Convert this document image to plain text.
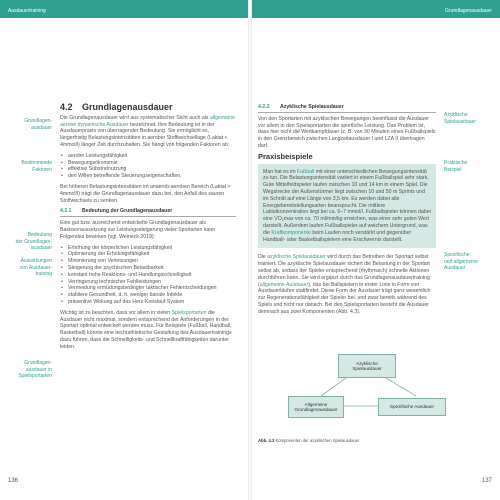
Ausdauertraining	Grundlagenausdauer
Grundlagen-
ausdauer
Bestimmende
Faktoren
Bedeutung
der Grundlagen-
ausdauer
Auswirkungen
von Ausdauer-
training
Grundlagen-
ausdauer in
Spielsportarten
4.2 Grundlagenausdauer

Die Grundlagenausdauer wird aus systematischer Sicht auch als allgemeine aerobe dynamische Ausdauer bezeichnet. Ihre Bedeutung ist in der Ausdauerpraxis von überragender Bedeutung. Sie ermöglicht es, längerfristig Belastungsintensitäten in aerober Stoffwechsellage (Laktat < 4mmol/l) länger Zeit durchzuhalten. Sie hängt von folgenden Faktoren ab:

• aerobe Leistungsfähigkeit
• Bewegungsökonomie
• effektive Substratnutzung
• den Willen betreffende Steuerungseigenschaften.

Bei höheren Belastungsintensitäten im anaerob-aeroben Bereich (Laktat > 4mmol/l) trägt die Grundlagenausdauer dazu bei, den Anfall des sauren Stoffwechsels zu senken.

4.2.1 Bedeutung der Grundlagenausdauer

Eine gut bzw. ausreichend entwickelte Grundlagenausdauer als Basisvoraussetzung zur Leistungssteigerung vieler Sportarten kann Folgendes bewirken (vgl. Weineck 2019):

• Erhöhung der körperlichen Leistungsfähigkeit
• Optimierung der Erholungsfähigkeit
• Minimierung von Verletzungen
• Steigerung der psychischen Belastbarkeit
• konstant hohe Reaktions- und Handlungsschnelligkeit
• Verringerung technischer Fehlleistungen
• Vermeidung ermüdungsbedingter taktischer Fehlentscheidungen
• stabilere Gesundheit, d. h. weniger banale Infekte
• präventive Wirkung auf das Herz-Kreislauf-System

Wichtig ist zu beachten, dass vor allem in vielen Spielsportarten die Ausdauer nicht maximal, sondern entsprechend der Anforderungen in der Sportart optimal entwickelt werden muss. Für Beispiele (Fußball, Handball, Basketball) könnte eine leichtathletische Gestaltung des Ausdauertrainings dazu führen, dass die Schnelligkeits- und Schnellkraftfähigkeiten darunter leiden.

136
Azyklische
Spielausdauer
Praktische
Beispiel
Spezifische
und allgemeine
Ausdauer
4.2.2 Azyklische Spielausdauer

Von den Sportarten mit azyklischen Bewegungen beeinflusst die Ausdauer vor allem in den Spielsportarten die sportliche Leistung. Das Problem ist, dass hier nicht die Wettkampfdauer (z. B. von 90 Minuten eines Fußballspiels in den Grenzbereich zwischen Langzeitausdauer I und LZA II übertragen darf.

Praxisbeispiele
Man hat es im Fußball mit einer unterschiedlichen Bewegungsintensität zu tun. Die Belastungsintensität variiert in einem Fußballspiel sehr stark. Gute Mittelfeldspieler laufen zwischen 10 und 14 km in einem Spiel. Die Wegstrecke der Außenstürmer liegt zwischen 10 und 50 m Sprints und im Schnitt auf eine Länge von 3,5 km. Es werden dabei alle Energiebereitstellungsarten beansprucht. Die mittlere Laktatkonzentration liegt bei ca. 6–7 mmol/l. Fußballspieler können dabei eine VO₂max von ca. 70 ml/min/kg erreichen, was einer sehr guten Wert darstellt. Außerdem laufen Fußballspieler auf weichem Untergrund, was die Kraftkomponente beim Laufen noch verstärkt und gegenüber Handball- oder Basketballspielern eine Erschwernis darstellt.

Die azyklische Spielausdauer wird durch das Betreiben der Sportart selbst trainiert. Die azyklische Spielausdauer sichert die Belastung in der Sportart selbst ab, sodass der Spieler entsprechend (rhythmisch) schnelle Aktionen durchführen kann. Sie wird ergänzt durch das Grundlagenausdauertraining (allgemeine Ausdauer), das bei Ballspielern in erster Linie in Form von Ausdauerläufen stattfindet. Diese Form der Ausdauer trägt ganz wesentlich zur Regenerationsfähigkeit der Spieler bei, und zwar bereits während des Spiels und nicht nur danach. Bei den Spielsportarten besteht die Ausdauer demnach aus zwei Komponenten (Abb. 4.3).

Azyklische
Spielausdauer
Allgemeine
Grundlagenausdauer
Spezifische Ausdauer
Abb. 4.3 Komponenten der azyklischen Spielausdauer
137
